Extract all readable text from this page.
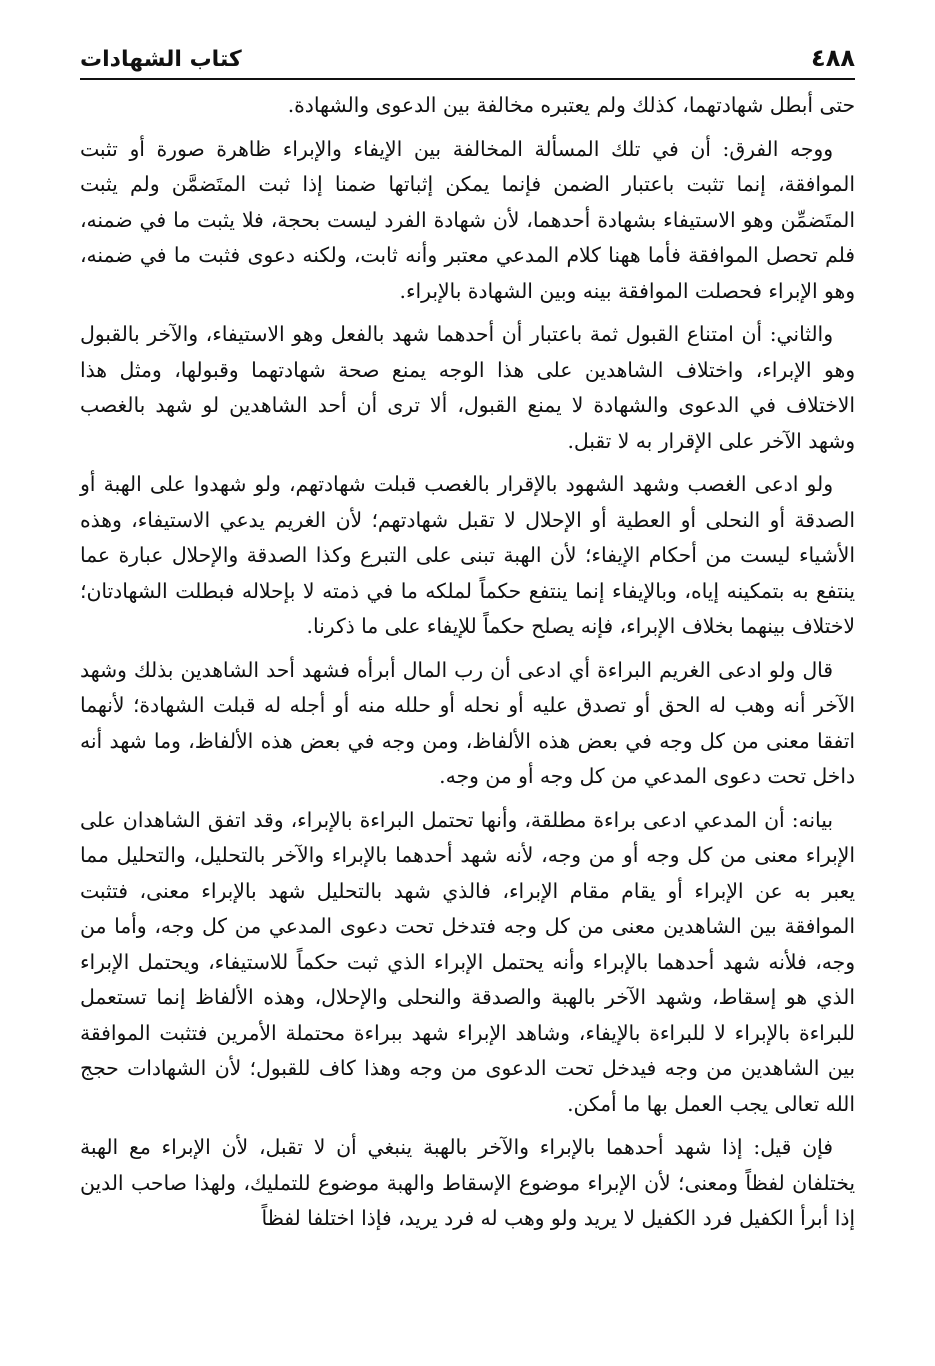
٤٨٨
كتاب الشهادات

حتى أبطل شهادتهما، كذلك ولم يعتبره مخالفة بين الدعوى والشهادة.

ووجه الفرق: أن في تلك المسألة المخالفة بين الإيفاء والإبراء ظاهرة صورة أو تثبت الموافقة، إنما تثبت باعتبار الضمن فإنما يمكن إثباتها ضمنا إذا ثبت المتَضمَّن ولم يثبت المتَضمِّن وهو الاستيفاء بشهادة أحدهما، لأن شهادة الفرد ليست بحجة، فلا يثبت ما في ضمنه، فلم تحصل الموافقة فأما ههنا كلام المدعي معتبر وأنه ثابت، ولكنه دعوى فثبت ما في ضمنه، وهو الإبراء فحصلت الموافقة بينه وبين الشهادة بالإبراء.

والثاني: أن امتناع القبول ثمة باعتبار أن أحدهما شهد بالفعل وهو الاستيفاء، والآخر بالقبول وهو الإبراء، واختلاف الشاهدين على هذا الوجه يمنع صحة شهادتهما وقبولها، ومثل هذا الاختلاف في الدعوى والشهادة لا يمنع القبول، ألا ترى أن أحد الشاهدين لو شهد بالغصب وشهد الآخر على الإقرار به لا تقبل.

ولو ادعى الغصب وشهد الشهود بالإقرار بالغصب قبلت شهادتهم، ولو شهدوا على الهبة أو الصدقة أو النحلى أو العطية أو الإحلال لا تقبل شهادتهم؛ لأن الغريم يدعي الاستيفاء، وهذه الأشياء ليست من أحكام الإيفاء؛ لأن الهبة تبنى على التبرع وكذا الصدقة والإحلال عبارة عما ينتفع به بتمكينه إياه، وبالإيفاء إنما ينتفع حكماً لملكه ما في ذمته لا بإحلاله فبطلت الشهادتان؛ لاختلاف بينهما بخلاف الإبراء، فإنه يصلح حكماً للإيفاء على ما ذكرنا.

قال ولو ادعى الغريم البراءة أي ادعى أن رب المال أبرأه فشهد أحد الشاهدين بذلك وشهد الآخر أنه وهب له الحق أو تصدق عليه أو نحله أو حلله منه أو أجله له قبلت الشهادة؛ لأنهما اتفقا معنى من كل وجه في بعض هذه الألفاظ، ومن وجه في بعض هذه الألفاظ، وما شهد أنه داخل تحت دعوى المدعي من كل وجه أو من وجه.

بيانه: أن المدعي ادعى براءة مطلقة، وأنها تحتمل البراءة بالإبراء، وقد اتفق الشاهدان على الإبراء معنى من كل وجه أو من وجه، لأنه شهد أحدهما بالإبراء والآخر بالتحليل، والتحليل مما يعبر به عن الإبراء أو يقام مقام الإبراء، فالذي شهد بالتحليل شهد بالإبراء معنى، فتثبت الموافقة بين الشاهدين معنى من كل وجه فتدخل تحت دعوى المدعي من كل وجه، وأما من وجه، فلأنه شهد أحدهما بالإبراء وأنه يحتمل الإبراء الذي ثبت حكماً للاستيفاء، ويحتمل الإبراء الذي هو إسقاط، وشهد الآخر بالهبة والصدقة والنحلى والإحلال، وهذه الألفاظ إنما تستعمل للبراءة بالإبراء لا للبراءة بالإيفاء، وشاهد الإبراء شهد ببراءة محتملة الأمرين فتثبت الموافقة بين الشاهدين من وجه فيدخل تحت الدعوى من وجه وهذا كاف للقبول؛ لأن الشهادات حجج الله تعالى يجب العمل بها ما أمكن.

فإن قيل: إذا شهد أحدهما بالإبراء والآخر بالهبة ينبغي أن لا تقبل، لأن الإبراء مع الهبة يختلفان لفظاً ومعنى؛ لأن الإبراء موضوع الإسقاط والهبة موضوع للتمليك، ولهذا صاحب الدين إذا أبرأ الكفيل فرد الكفيل لا يريد ولو وهب له فرد يريد، فإذا اختلفا لفظاً
